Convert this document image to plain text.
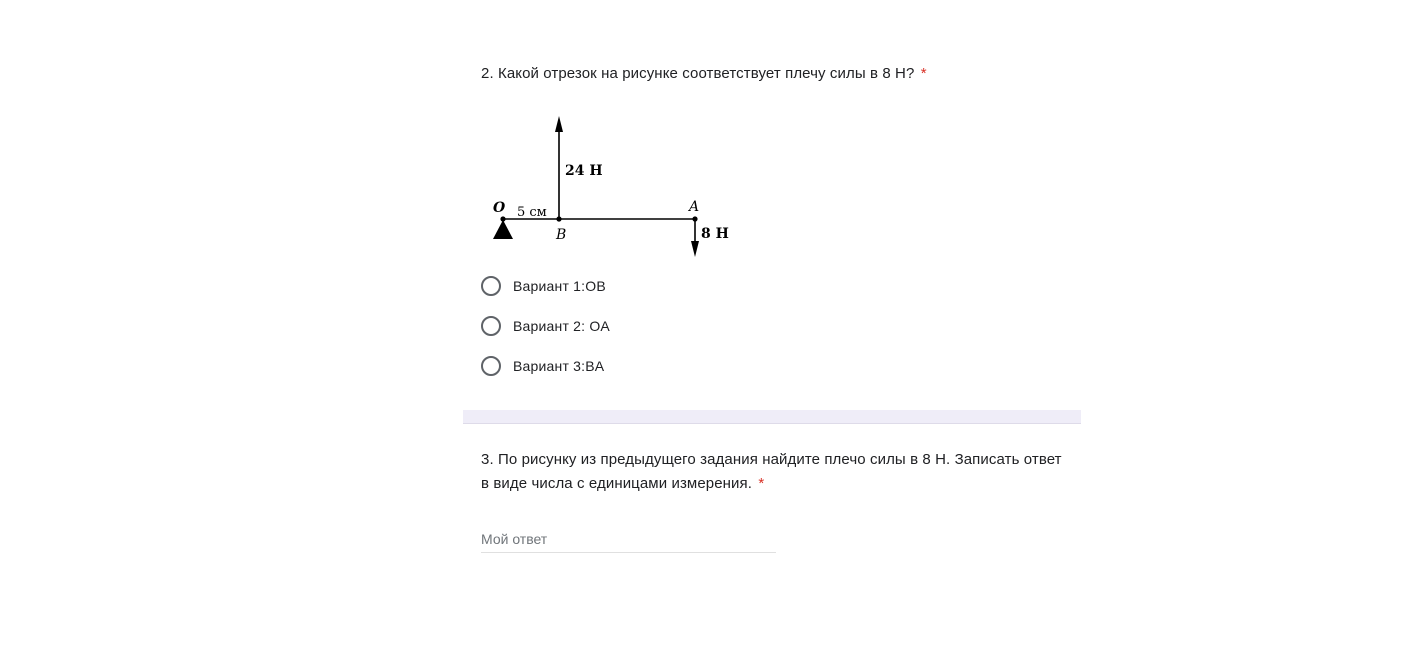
2. Какой отрезок на рисунке соответствует плечу силы в 8 Н? *
O 5 см
B
A
24 Н
8 Н
Вариант 1:OB
Вариант 2: OA
Вариант 3:BA
3. По рисунку из предыдущего задания найдите плечо силы в 8 Н. Записать ответ в виде числа с единицами измерения. *
Мой ответ
